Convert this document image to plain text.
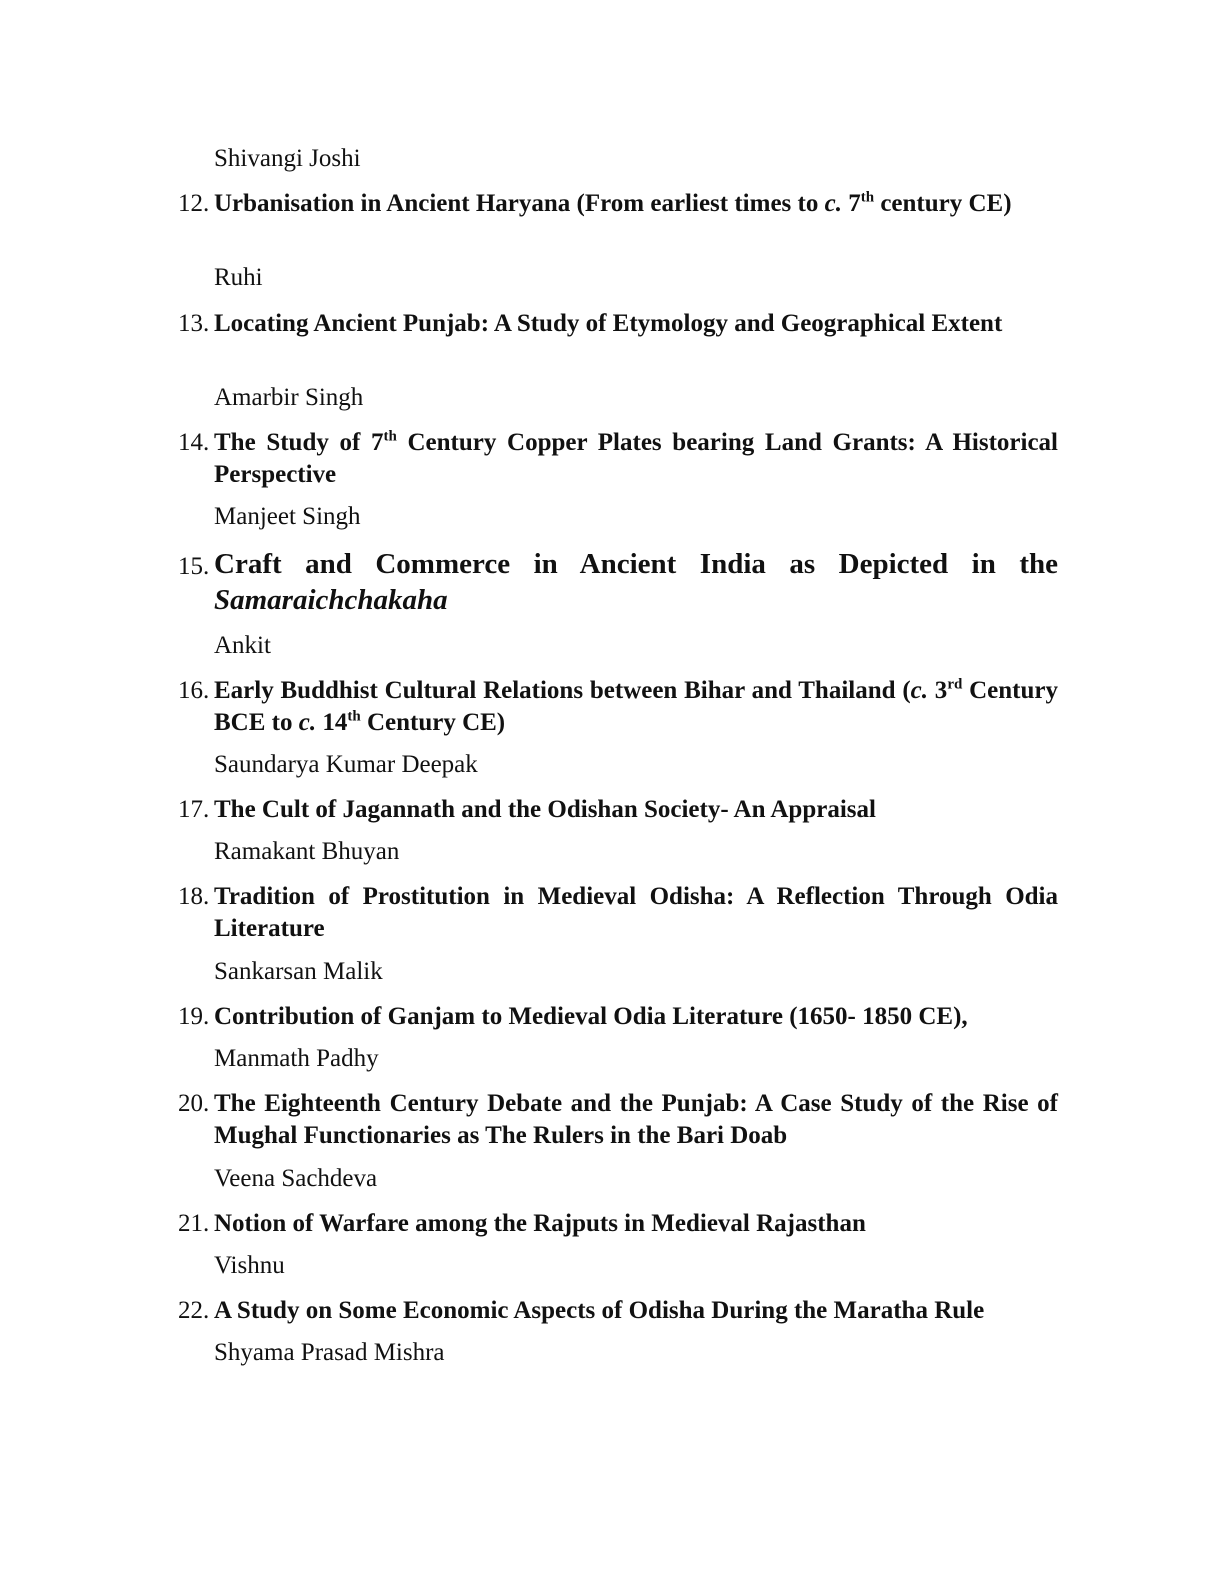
Shivangi Joshi
12. Urbanisation in Ancient Haryana (From earliest times to c. 7th century CE)
Ruhi
13. Locating Ancient Punjab: A Study of Etymology and Geographical Extent
Amarbir Singh
14. The Study of 7th Century Copper Plates bearing Land Grants: A Historical Perspective
Manjeet Singh
15. Craft and Commerce in Ancient India as Depicted in the Samaraichchakaha
Ankit
16. Early Buddhist Cultural Relations between Bihar and Thailand (c. 3rd Century BCE to c. 14th Century CE)
Saundarya Kumar Deepak
17. The Cult of Jagannath and the Odishan Society- An Appraisal
Ramakant Bhuyan
18. Tradition of Prostitution in Medieval Odisha: A Reflection Through Odia Literature
Sankarsan Malik
19. Contribution of Ganjam to Medieval Odia Literature (1650- 1850 CE),
Manmath Padhy
20. The Eighteenth Century Debate and the Punjab: A Case Study of the Rise of Mughal Functionaries as The Rulers in the Bari Doab
Veena Sachdeva
21. Notion of Warfare among the Rajputs in Medieval Rajasthan
Vishnu
22. A Study on Some Economic Aspects of Odisha During the Maratha Rule
Shyama Prasad Mishra
